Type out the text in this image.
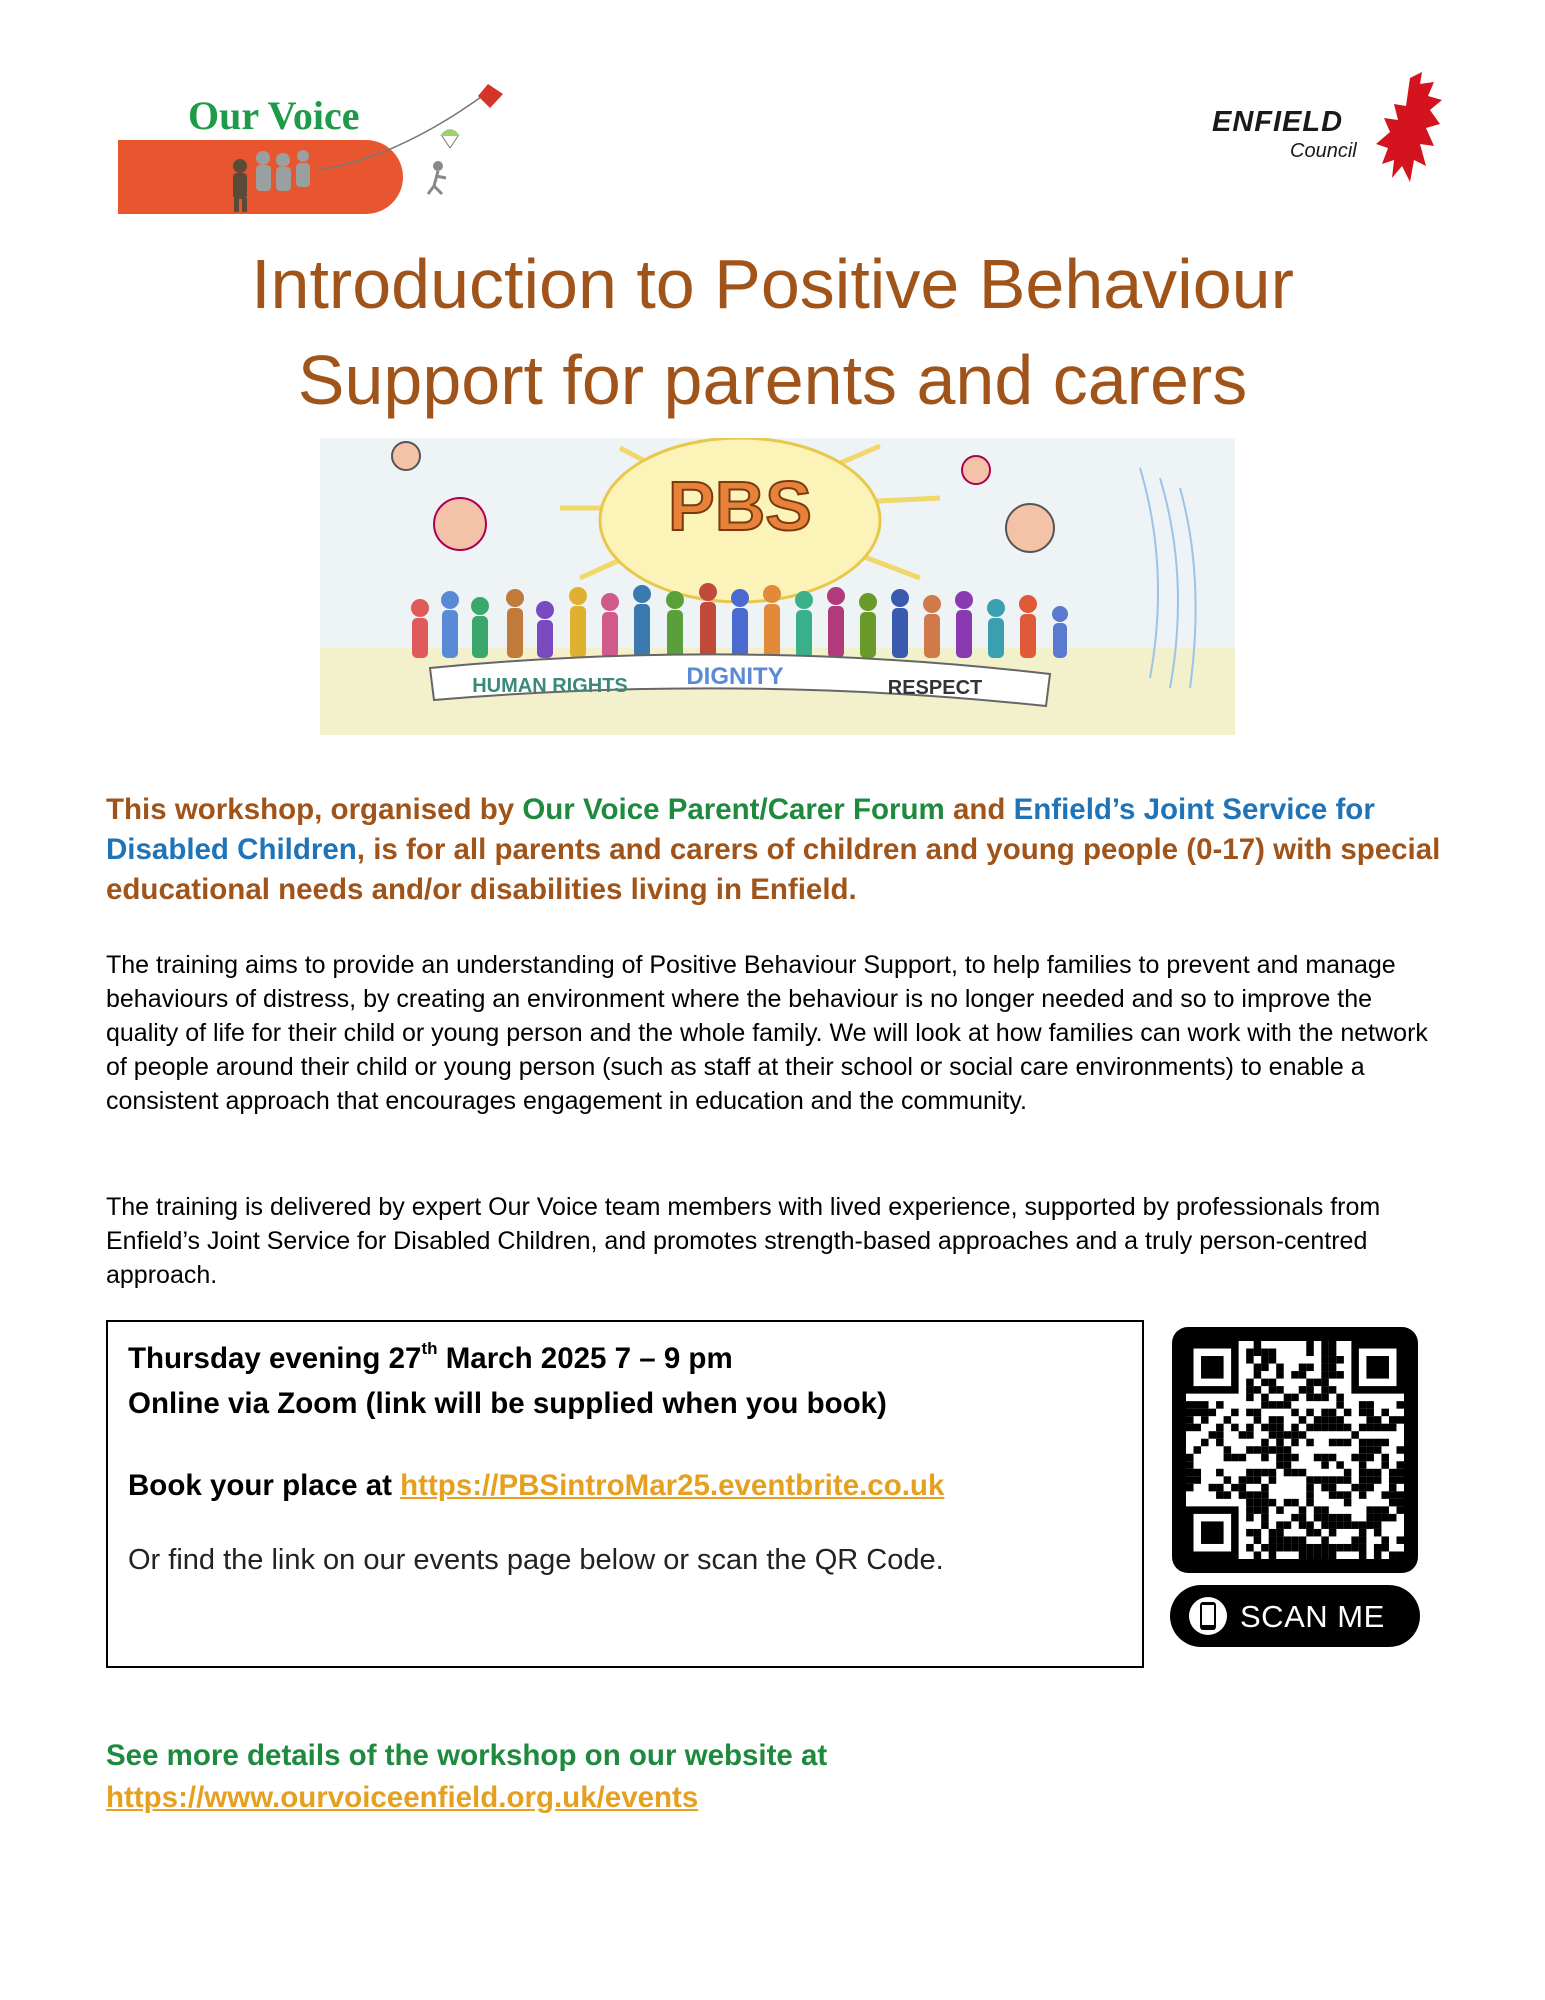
Our Voice	ENFIELD
Council
Introduction to Positive Behaviour
Support for parents and carers
PBS
HUMAN RIGHTS DIGNITY	RESPECT
This workshop, organised by Our Voice Parent/Carer Forum and Enfield’s Joint Service for Disabled Children, is for all parents and carers of children and young people (0-17) with special educational needs and/or disabilities living in Enfield.
The training aims to provide an understanding of Positive Behaviour Support, to help families to prevent and manage behaviours of distress, by creating an environment where the behaviour is no longer needed and so to improve the quality of life for their child or young person and the whole family. We will look at how families can work with the network of people around their child or young person (such as staff at their school or social care environments) to enable a consistent approach that encourages engagement in education and the community.
The training is delivered by expert Our Voice team members with lived experience, supported by professionals from Enfield’s Joint Service for Disabled Children, and promotes strength-based approaches and a truly person-centred approach.
Thursday evening 27th March 2025 7 – 9 pm
Online via Zoom (link will be supplied when you book)
Book your place at https://PBSintroMar25.eventbrite.co.uk
Or find the link on our events page below or scan the QR Code.
SCAN ME
See more details of the workshop on our website at
https://www.ourvoiceenfield.org.uk/events
